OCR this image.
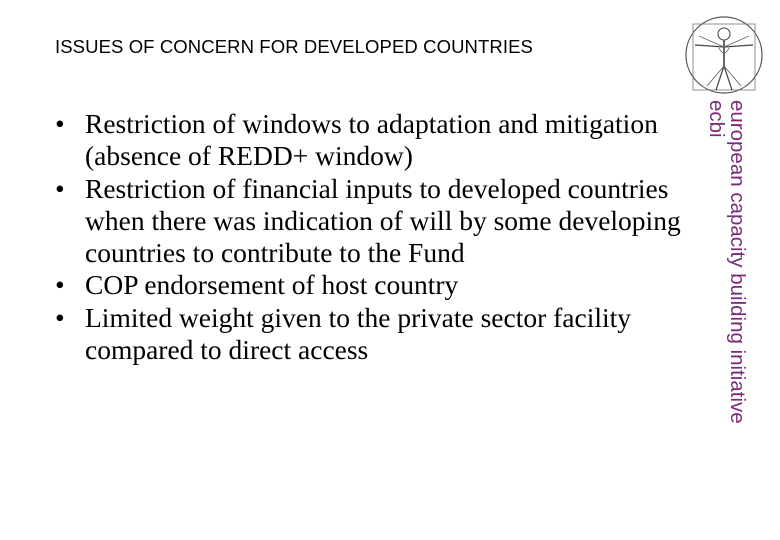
ISSUES OF CONCERN FOR DEVELOPED COUNTRIES
• Restriction of windows to adaptation and mitigation (absence of REDD+ window)
• Restriction of financial inputs to developed countries when there was indication of will by some developing countries to contribute to the Fund
• COP endorsement of host country
• Limited weight given to the private sector facility compared to direct access	european capacity building initiative
ecbi
